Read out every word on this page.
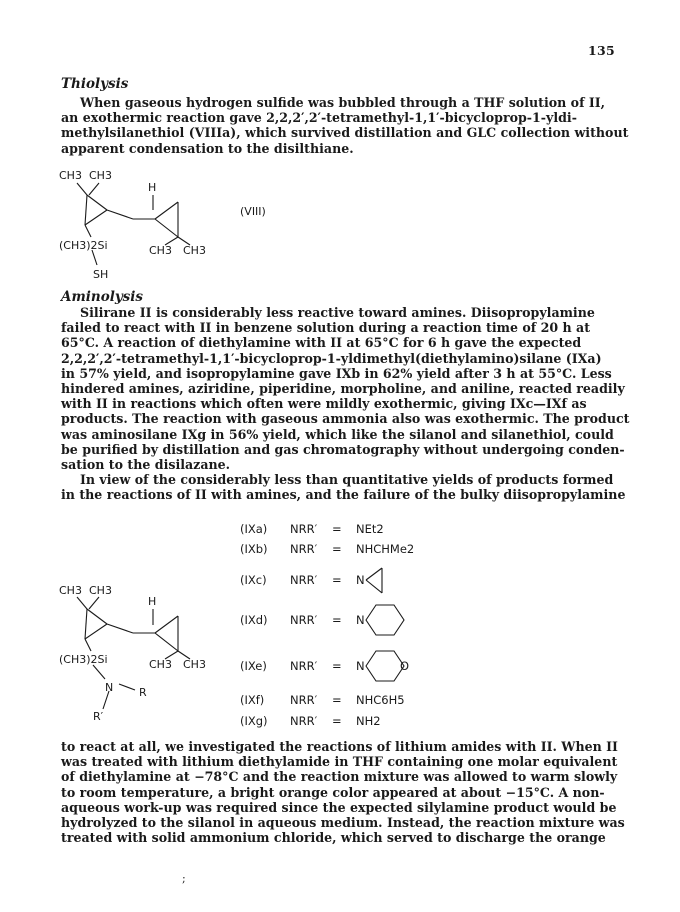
135
Thiolysis
When gaseous hydrogen sulfide was bubbled through a THF solution of II,
an exothermic reaction gave 2,2,2′,2′-tetramethyl-1,1′-bicycloprop-1-yldi-
methylsilanethiol (VIIIa), which survived distillation and GLC collection without
apparent condensation to the disilthiane.
CH3 CH3
H
(CH3)2Si	CH3 CH3
SH
(VIII)
Aminolysis
Silirane II is considerably less reactive toward amines. Diisopropylamine
failed to react with II in benzene solution during a reaction time of 20 h at
65°C. A reaction of diethylamine with II at 65°C for 6 h gave the expected
2,2,2′,2′-tetramethyl-1,1′-bicycloprop-1-yldimethyl(diethylamino)silane (IXa)
in 57% yield, and isopropylamine gave IXb in 62% yield after 3 h at 55°C. Less
hindered amines, aziridine, piperidine, morpholine, and aniline, reacted readily
with II in reactions which often were mildly exothermic, giving IXc—IXf as
products. The reaction with gaseous ammonia also was exothermic. The product
was aminosilane IXg in 56% yield, which like the silanol and silanethiol, could
be purified by distillation and gas chromatography without undergoing conden-
sation to the disilazane.
In view of the considerably less than quantitative yields of products formed
in the reactions of II with amines, and the failure of the bulky diisopropylamine
CH3 CH3
H
(CH3)2Si	CH3 CH3
N R
R′
(IXa) NRR′ = NEt2
(IXb) NRR′ = NHCHMe2
(IXc) NRR′ = N
(IXd) NRR′ = N
(IXe) NRR′ = N	O
(IXf) NRR′ = NHC6H5
(IXg) NRR′ = NH2
to react at all, we investigated the reactions of lithium amides with II. When II
was treated with lithium diethylamide in THF containing one molar equivalent
of diethylamine at −78°C and the reaction mixture was allowed to warm slowly
to room temperature, a bright orange color appeared at about −15°C. A non-
aqueous work-up was required since the expected silylamine product would be
hydrolyzed to the silanol in aqueous medium. Instead, the reaction mixture was
treated with solid ammonium chloride, which served to discharge the orange
;
